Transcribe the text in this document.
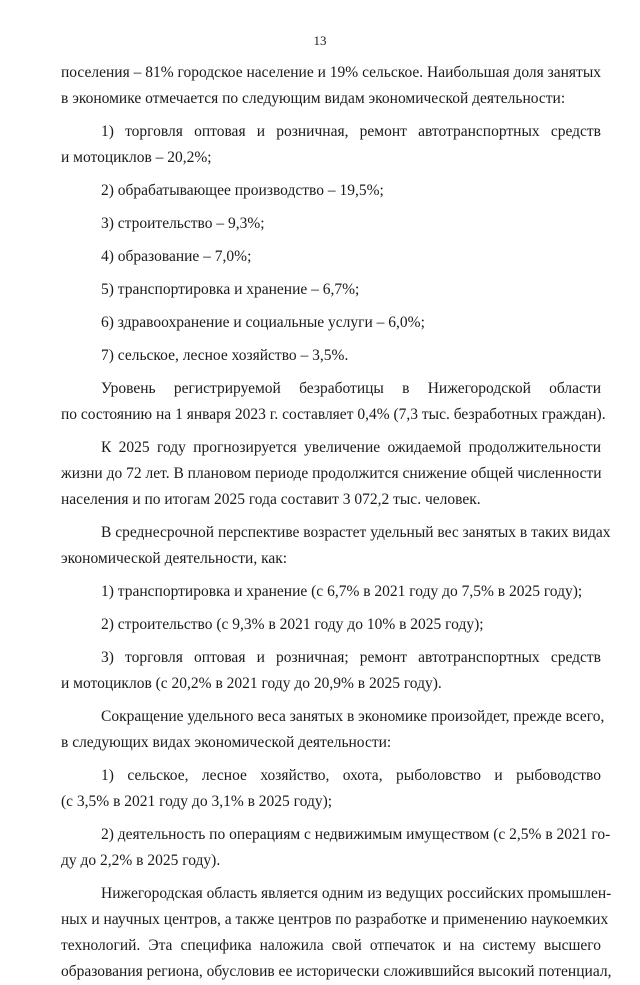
13
поселения – 81% городское население и 19% сельское. Наибольшая доля занятых
в экономике отмечается по следующим видам экономической деятельности:
1) торговля оптовая и розничная, ремонт автотранспортных средств
и мотоциклов – 20,2%;
2) обрабатывающее производство – 19,5%;
3) строительство – 9,3%;
4) образование – 7,0%;
5) транспортировка и хранение – 6,7%;
6) здравоохранение и социальные услуги – 6,0%;
7) сельское, лесное хозяйство – 3,5%.
Уровень регистрируемой безработицы в Нижегородской области
по состоянию на 1 января 2023 г. составляет 0,4% (7,3 тыс. безработных граждан).
К 2025 году прогнозируется увеличение ожидаемой продолжительности
жизни до 72 лет. В плановом периоде продолжится снижение общей численности
населения и по итогам 2025 года составит 3 072,2 тыс. человек.
В среднесрочной перспективе возрастет удельный вес занятых в таких видах
экономической деятельности, как:
1) транспортировка и хранение (с 6,7% в 2021 году до 7,5% в 2025 году);
2) строительство (с 9,3% в 2021 году до 10% в 2025 году);
3) торговля оптовая и розничная; ремонт автотранспортных средств
и мотоциклов (с 20,2% в 2021 году до 20,9% в 2025 году).
Сокращение удельного веса занятых в экономике произойдет, прежде всего,
в следующих видах экономической деятельности:
1) сельское, лесное хозяйство, охота, рыболовство и рыбоводство
(с 3,5% в 2021 году до 3,1% в 2025 году);
2) деятельность по операциям с недвижимым имуществом (с 2,5% в 2021 го-
ду до 2,2% в 2025 году).
Нижегородская область является одним из ведущих российских промышлен-
ных и научных центров, а также центров по разработке и применению наукоемких
технологий. Эта специфика наложила свой отпечаток и на систему высшего
образования региона, обусловив ее исторически сложившийся высокий потенциал,
